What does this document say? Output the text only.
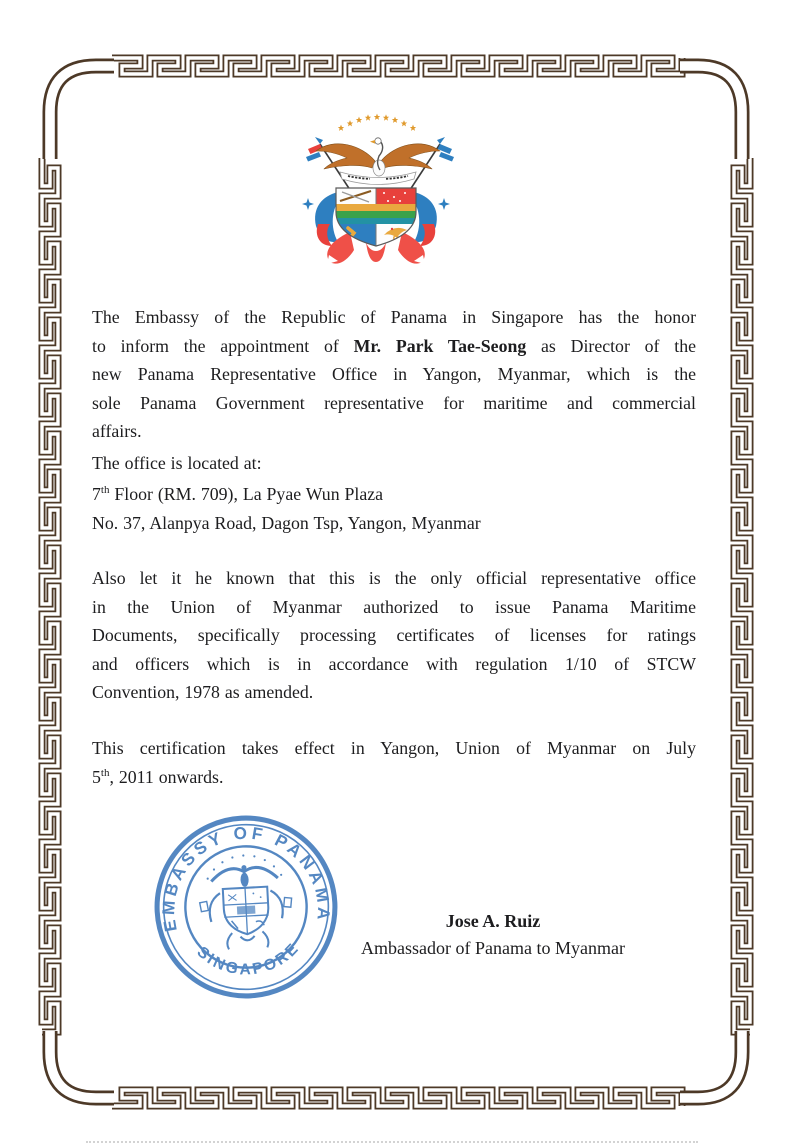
The Embassy of the Republic of Panama in Singapore has the honor
to inform the appointment of Mr. Park Tae-Seong as Director of the
new Panama Representative Office in Yangon, Myanmar, which is the
sole Panama Government representative for maritime and commercial
affairs.
The office is located at:
7th Floor (RM. 709), La Pyae Wun Plaza
No. 37, Alanpya Road, Dagon Tsp, Yangon, Myanmar
Also let it he known that this is the only official representative office
in the Union of Myanmar authorized to issue Panama Maritime
Documents, specifically processing certificates of licenses for ratings
and officers which is in accordance with regulation 1/10 of STCW
Convention, 1978 as amended.
This certification takes effect in Yangon, Union of Myanmar on July
5th, 2011 onwards.
EMBASSY OF PANAMA
SINGAPORE
Jose A. Ruiz
Ambassador of Panama to Myanmar
